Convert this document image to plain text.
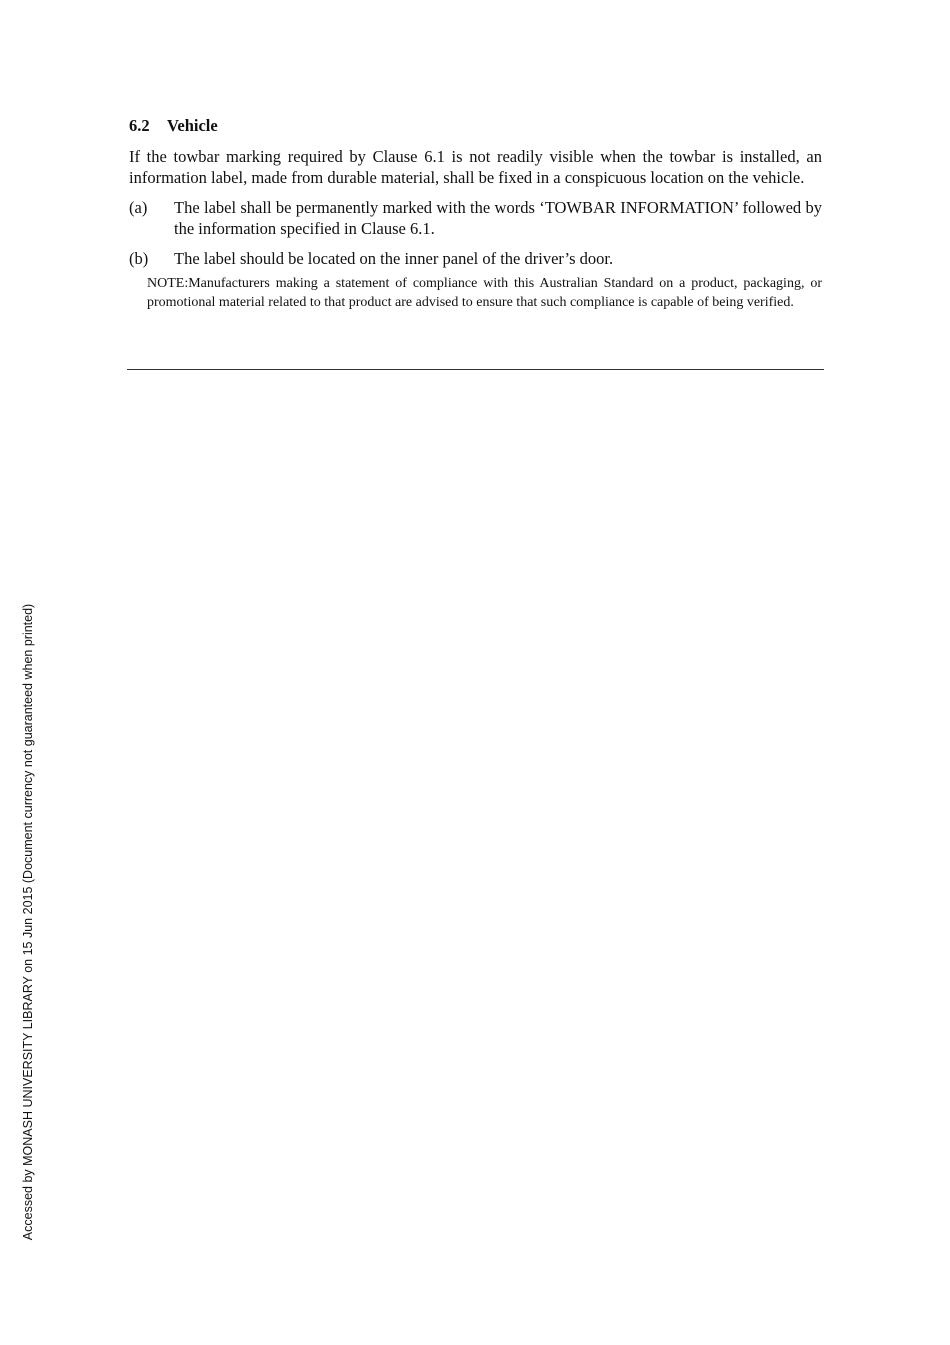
6.2 Vehicle

If the towbar marking required by Clause 6.1 is not readily visible when the towbar is installed, an information label, made from durable material, shall be fixed in a conspicuous location on the vehicle.

(a)	The label shall be permanently marked with the words ‘TOWBAR INFORMATION’ followed by the information specified in Clause 6.1.
(b)	The label should be located on the inner panel of the driver’s door.

NOTE:Manufacturers making a statement of compliance with this Australian Standard on a product, packaging, or promotional material related to that product are advised to ensure that such compliance is capable of being verified.

Accessed by MONASH UNIVERSITY LIBRARY on 15 Jun 2015 (Document currency not guaranteed when printed)
